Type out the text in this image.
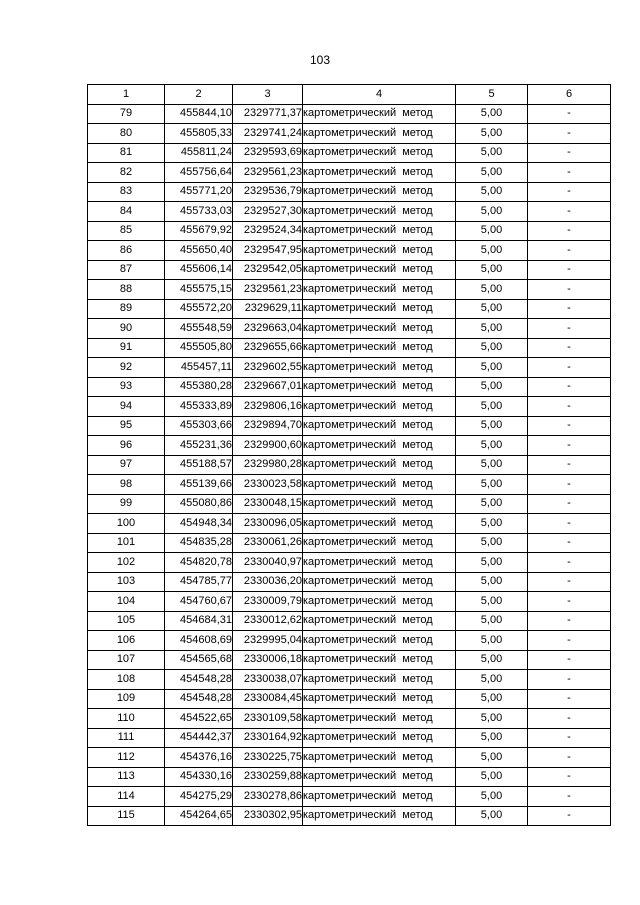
103
1	2	3	4	5	6
79	455844,10	2329771,37	картометрический метод	5,00	-
80	455805,33	2329741,24	картометрический метод	5,00	-
81	455811,24	2329593,69	картометрический метод	5,00	-
82	455756,64	2329561,23	картометрический метод	5,00	-
83	455771,20	2329536,79	картометрический метод	5,00	-
84	455733,03	2329527,30	картометрический метод	5,00	-
85	455679,92	2329524,34	картометрический метод	5,00	-
86	455650,40	2329547,95	картометрический метод	5,00	-
87	455606,14	2329542,05	картометрический метод	5,00	-
88	455575,15	2329561,23	картометрический метод	5,00	-
89	455572,20	2329629,11	картометрический метод	5,00	-
90	455548,59	2329663,04	картометрический метод	5,00	-
91	455505,80	2329655,66	картометрический метод	5,00	-
92	455457,11	2329602,55	картометрический метод	5,00	-
93	455380,28	2329667,01	картометрический метод	5,00	-
94	455333,89	2329806,16	картометрический метод	5,00	-
95	455303,66	2329894,70	картометрический метод	5,00	-
96	455231,36	2329900,60	картометрический метод	5,00	-
97	455188,57	2329980,28	картометрический метод	5,00	-
98	455139,66	2330023,58	картометрический метод	5,00	-
99	455080,86	2330048,15	картометрический метод	5,00	-
100	454948,34	2330096,05	картометрический метод	5,00	-
101	454835,28	2330061,26	картометрический метод	5,00	-
102	454820,78	2330040,97	картометрический метод	5,00	-
103	454785,77	2330036,20	картометрический метод	5,00	-
104	454760,67	2330009,79	картометрический метод	5,00	-
105	454684,31	2330012,62	картометрический метод	5,00	-
106	454608,69	2329995,04	картометрический метод	5,00	-
107	454565,68	2330006,18	картометрический метод	5,00	-
108	454548,28	2330038,07	картометрический метод	5,00	-
109	454548,28	2330084,45	картометрический метод	5,00	-
110	454522,65	2330109,58	картометрический метод	5,00	-
111	454442,37	2330164,92	картометрический метод	5,00	-
112	454376,16	2330225,75	картометрический метод	5,00	-
113	454330,16	2330259,88	картометрический метод	5,00	-
114	454275,29	2330278,86	картометрический метод	5,00	-
115	454264,65	2330302,95	картометрический метод	5,00	-
